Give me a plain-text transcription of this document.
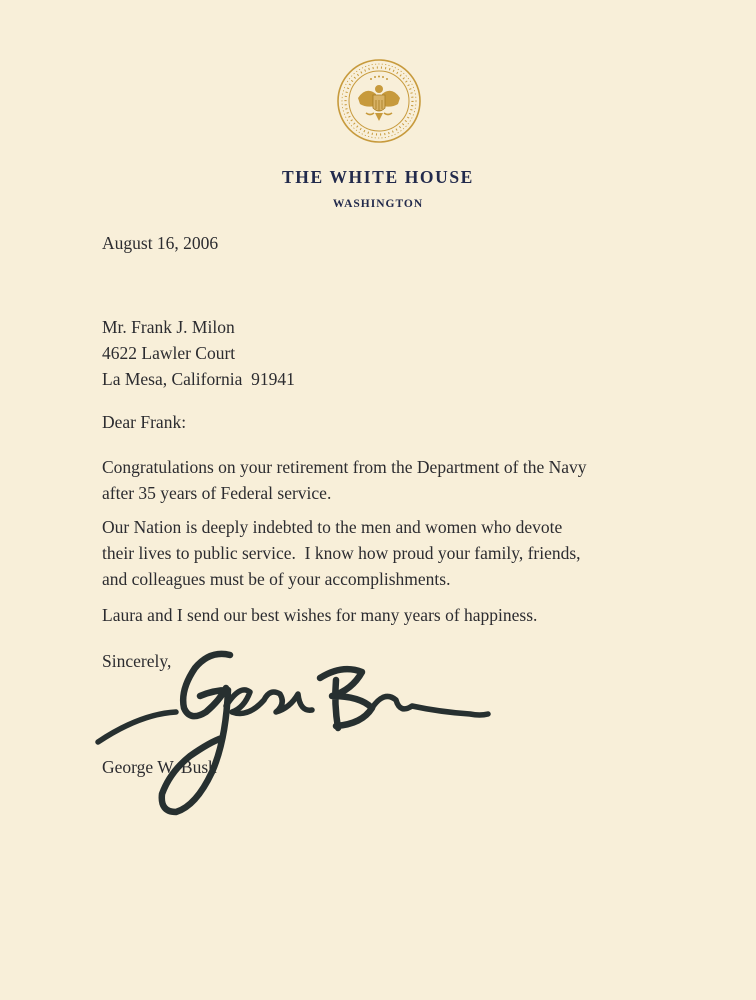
THE WHITE HOUSE
WASHINGTON
August 16, 2006
Mr. Frank J. Milon
4622 Lawler Court
La Mesa, California  91941
Dear Frank:
Congratulations on your retirement from the Department of the Navy
after 35 years of Federal service.
Our Nation is deeply indebted to the men and women who devote
their lives to public service.  I know how proud your family, friends,
and colleagues must be of your accomplishments.
Laura and I send our best wishes for many years of happiness.
Sincerely,
George W. Bush
